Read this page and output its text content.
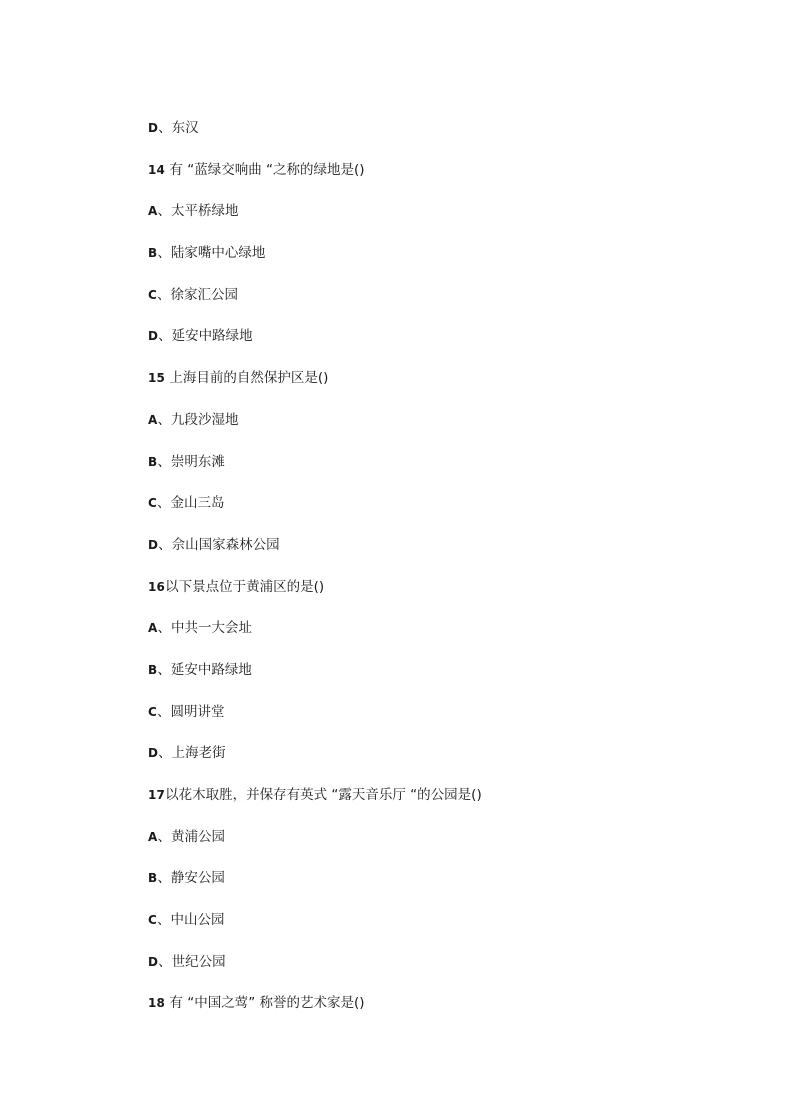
D、东汉
14 有 “蓝绿交响曲 “之称的绿地是()
A、太平桥绿地
B、陆家嘴中心绿地
C、徐家汇公园
D、延安中路绿地
15 上海目前的自然保护区是()
A、九段沙湿地
B、崇明东滩
C、金山三岛
D、佘山国家森林公园
16以下景点位于黄浦区的是()
A、中共一大会址
B、延安中路绿地
C、圆明讲堂
D、上海老街
17以花木取胜，并保存有英式 “露天音乐厅 “的公园是()
A、黄浦公园
B、静安公园
C、中山公园
D、世纪公园
18 有 “中国之莺” 称誉的艺术家是()
